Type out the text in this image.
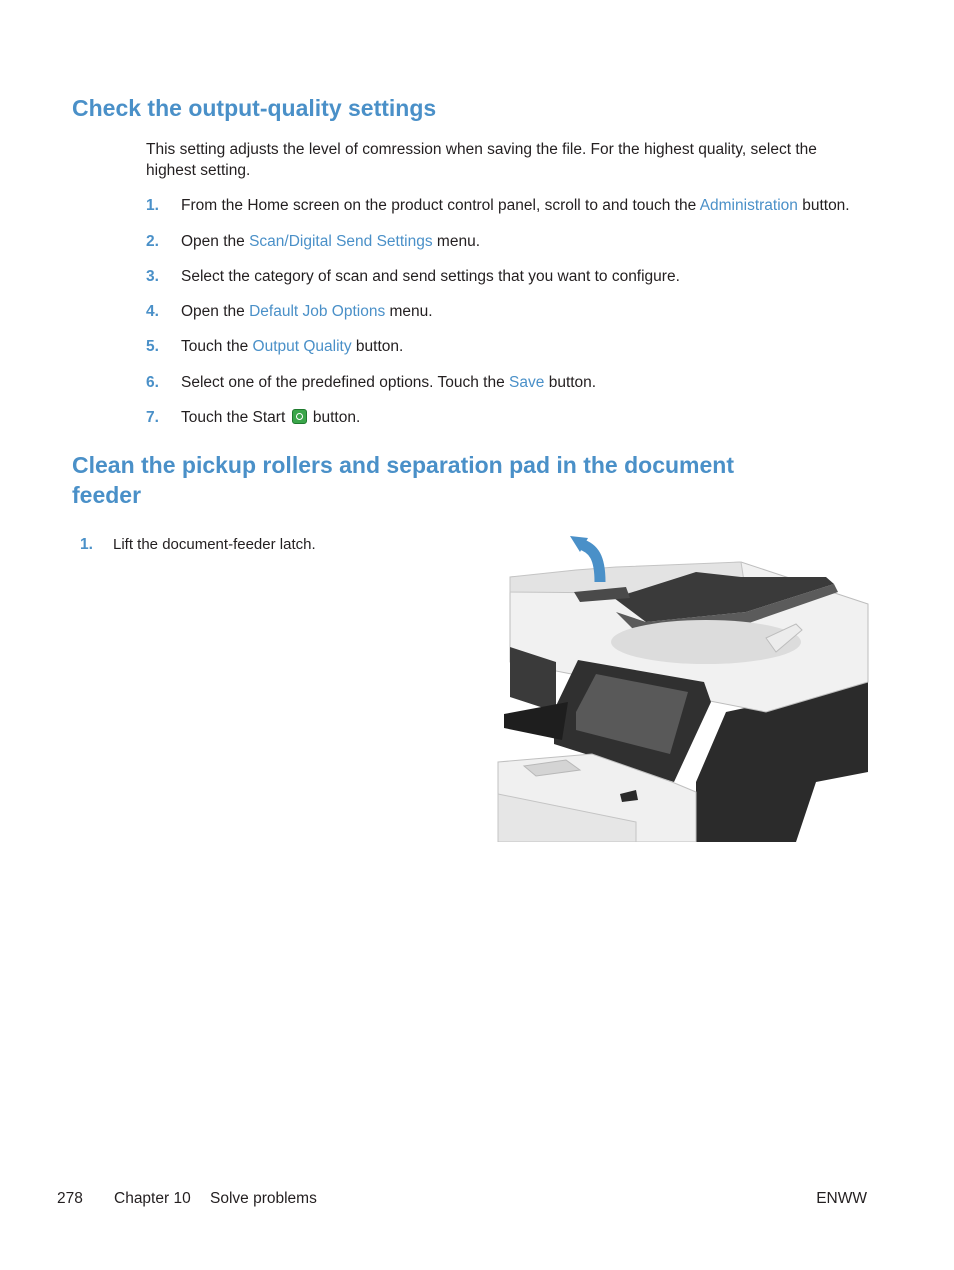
Check the output-quality settings

This setting adjusts the level of comression when saving the file. For the highest quality, select the highest setting.

1. From the Home screen on the product control panel, scroll to and touch the Administration button.
2. Open the Scan/Digital Send Settings menu.
3. Select the category of scan and send settings that you want to configure.
4. Open the Default Job Options menu.
5. Touch the Output Quality button.
6. Select one of the predefined options. Touch the Save button.
7. Touch the Start  button.
Clean the pickup rollers and separation pad in the document
feeder
1. Lift the document-feeder latch.
278 Chapter 10 Solve problems	ENWW
